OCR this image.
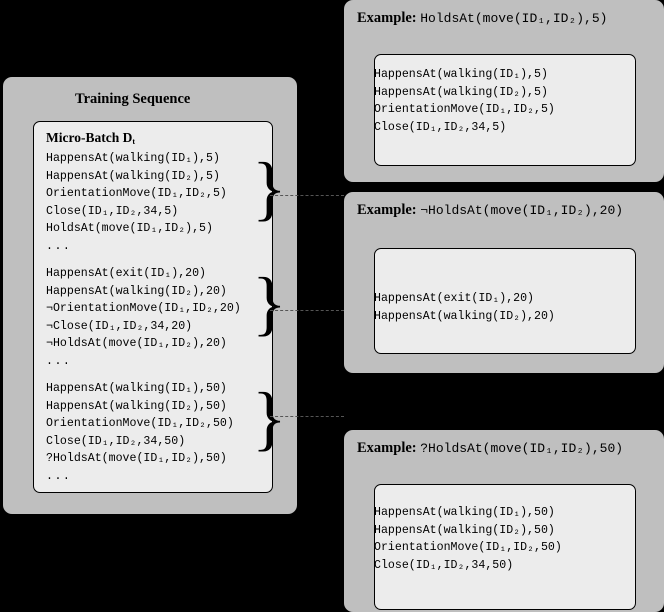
Training Sequence
Micro-Batch $D_t$
HappensAt(walking(ID₁),5)
HappensAt(walking(ID₂),5)
OrientationMove(ID₁,ID₂,5)
Close(ID₁,ID₂,34,5)
HoldsAt(move(ID₁,ID₂),5)
...
}
HappensAt(exit(ID₁),20)
HappensAt(walking(ID₂),20)
¬OrientationMove(ID₁,ID₂,20)
¬Close(ID₁,ID₂,34,20)
¬HoldsAt(move(ID₁,ID₂),20)
...
}
HappensAt(walking(ID₁),50)
HappensAt(walking(ID₂),50)
OrientationMove(ID₁,ID₂,50)
Close(ID₁,ID₂,34,50)
?HoldsAt(move(ID₁,ID₂),50)
...
}
Example: HoldsAt(move(ID₁,ID₂),5)
HappensAt(walking(ID₁),5)
HappensAt(walking(ID₂),5)
OrientationMove(ID₁,ID₂,5)
Close(ID₁,ID₂,34,5)
Example: ¬HoldsAt(move(ID₁,ID₂),20)
HappensAt(exit(ID₁),20)
HappensAt(walking(ID₂),20)
Example: ?HoldsAt(move(ID₁,ID₂),50)
HappensAt(walking(ID₁),50)
HappensAt(walking(ID₂),50)
OrientationMove(ID₁,ID₂,50)
Close(ID₁,ID₂,34,50)
